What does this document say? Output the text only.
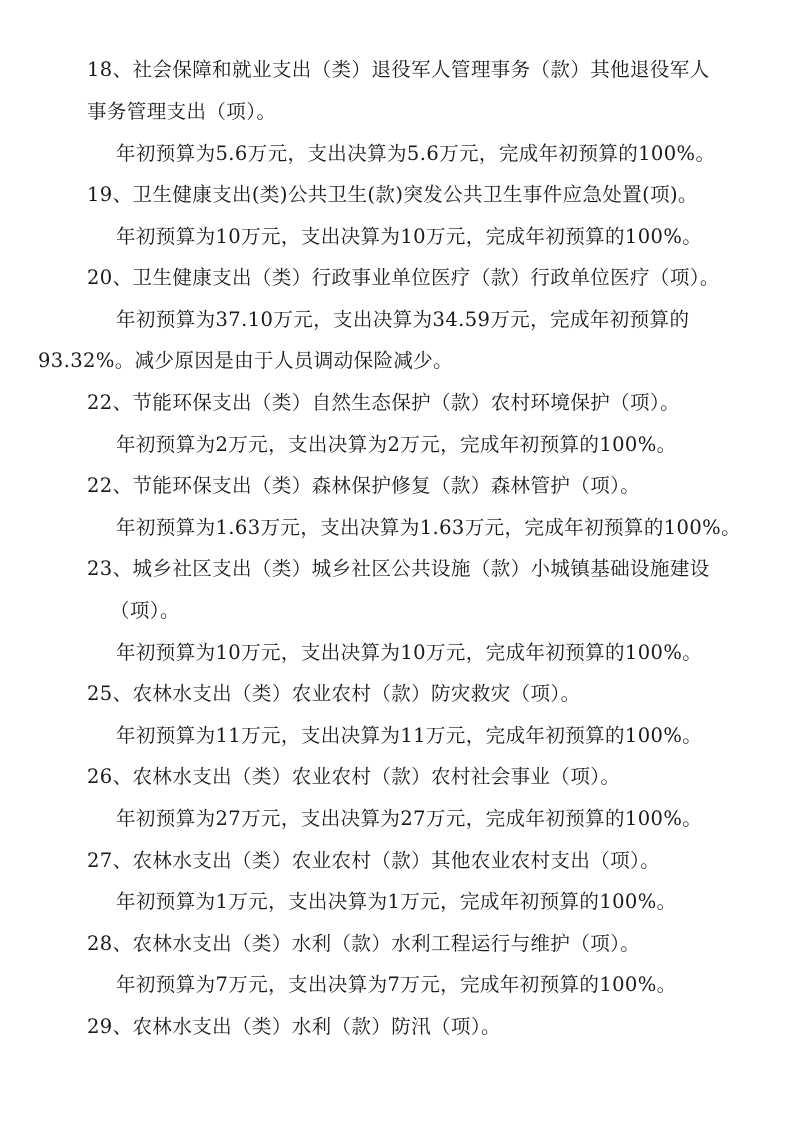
18、社会保障和就业支出（类）退役军人管理事务（款）其他退役军人
事务管理支出（项）。
年初预算为5.6万元，支出决算为5.6万元，完成年初预算的100%。
19、卫生健康支出(类)公共卫生(款)突发公共卫生事件应急处置(项)。
年初预算为10万元，支出决算为10万元，完成年初预算的100%。
20、卫生健康支出（类）行政事业单位医疗（款）行政单位医疗（项）。
年初预算为37.10万元，支出决算为34.59万元，完成年初预算的
93.32%。减少原因是由于人员调动保险减少。
22、节能环保支出（类）自然生态保护（款）农村环境保护（项）。
年初预算为2万元，支出决算为2万元，完成年初预算的100%。
22、节能环保支出（类）森林保护修复（款）森林管护（项）。
年初预算为1.63万元，支出决算为1.63万元，完成年初预算的100%。
23、城乡社区支出（类）城乡社区公共设施（款）小城镇基础设施建设
（项）。
年初预算为10万元，支出决算为10万元，完成年初预算的100%。
25、农林水支出（类）农业农村（款）防灾救灾（项）。
年初预算为11万元，支出决算为11万元，完成年初预算的100%。
26、农林水支出（类）农业农村（款）农村社会事业（项）。
年初预算为27万元，支出决算为27万元，完成年初预算的100%。
27、农林水支出（类）农业农村（款）其他农业农村支出（项）。
年初预算为1万元，支出决算为1万元，完成年初预算的100%。
28、农林水支出（类）水利（款）水利工程运行与维护（项）。
年初预算为7万元，支出决算为7万元，完成年初预算的100%。
29、农林水支出（类）水利（款）防汛（项）。
